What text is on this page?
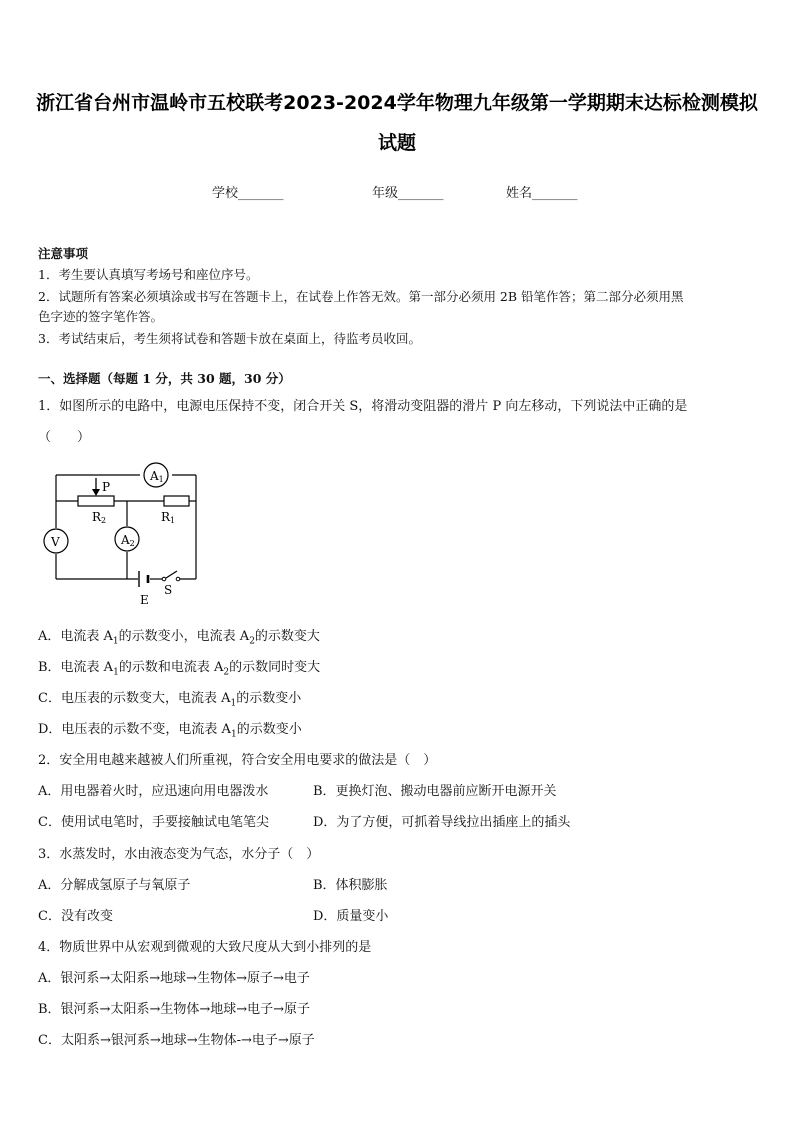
浙江省台州市温岭市五校联考2023-2024学年物理九年级第一学期期末达标检测模拟
试题
学校_______	年级_______	姓名_______
注意事项
1．考生要认真填写考场号和座位序号。
2．试题所有答案必须填涂或书写在答题卡上，在试卷上作答无效。第一部分必须用 2B 铅笔作答；第二部分必须用黑
色字迹的签字笔作答。
3．考试结束后，考生须将试卷和答题卡放在桌面上，待监考员收回。
一、选择题（每题 1 分，共 30 题，30 分）
1．如图所示的电路中，电源电压保持不变，闭合开关 S，将滑动变阻器的滑片 P 向左移动，下列说法中正确的是
（　　）
A1
A2
V
P
R2	R1
E
S
A．电流表 $A_1$的示数变小，电流表 $A_2$的示数变大
B．电流表 $A_1$的示数和电流表 $A_2$的示数同时变大
C．电压表的示数变大，电流表 $A_1$的示数变小
D．电压表的示数不变，电流表 $A_1$的示数变小
2．安全用电越来越被人们所重视，符合安全用电要求的做法是（　）
A．用电器着火时，应迅速向用电器泼水	B．更换灯泡、搬动电器前应断开电源开关
C．使用试电笔时，手要接触试电笔笔尖	D．为了方便，可抓着导线拉出插座上的插头
3．水蒸发时，水由液态变为气态，水分子（　）
A．分解成氢原子与氧原子	B．体积膨胀
C．没有改变	D．质量变小
4．物质世界中从宏观到微观的大致尺度从大到小排列的是
A．银河系→太阳系→地球→生物体→原子→电子
B．银河系→太阳系→生物体→地球→电子→原子
C．太阳系→银河系→地球→生物体-→电子→原子
